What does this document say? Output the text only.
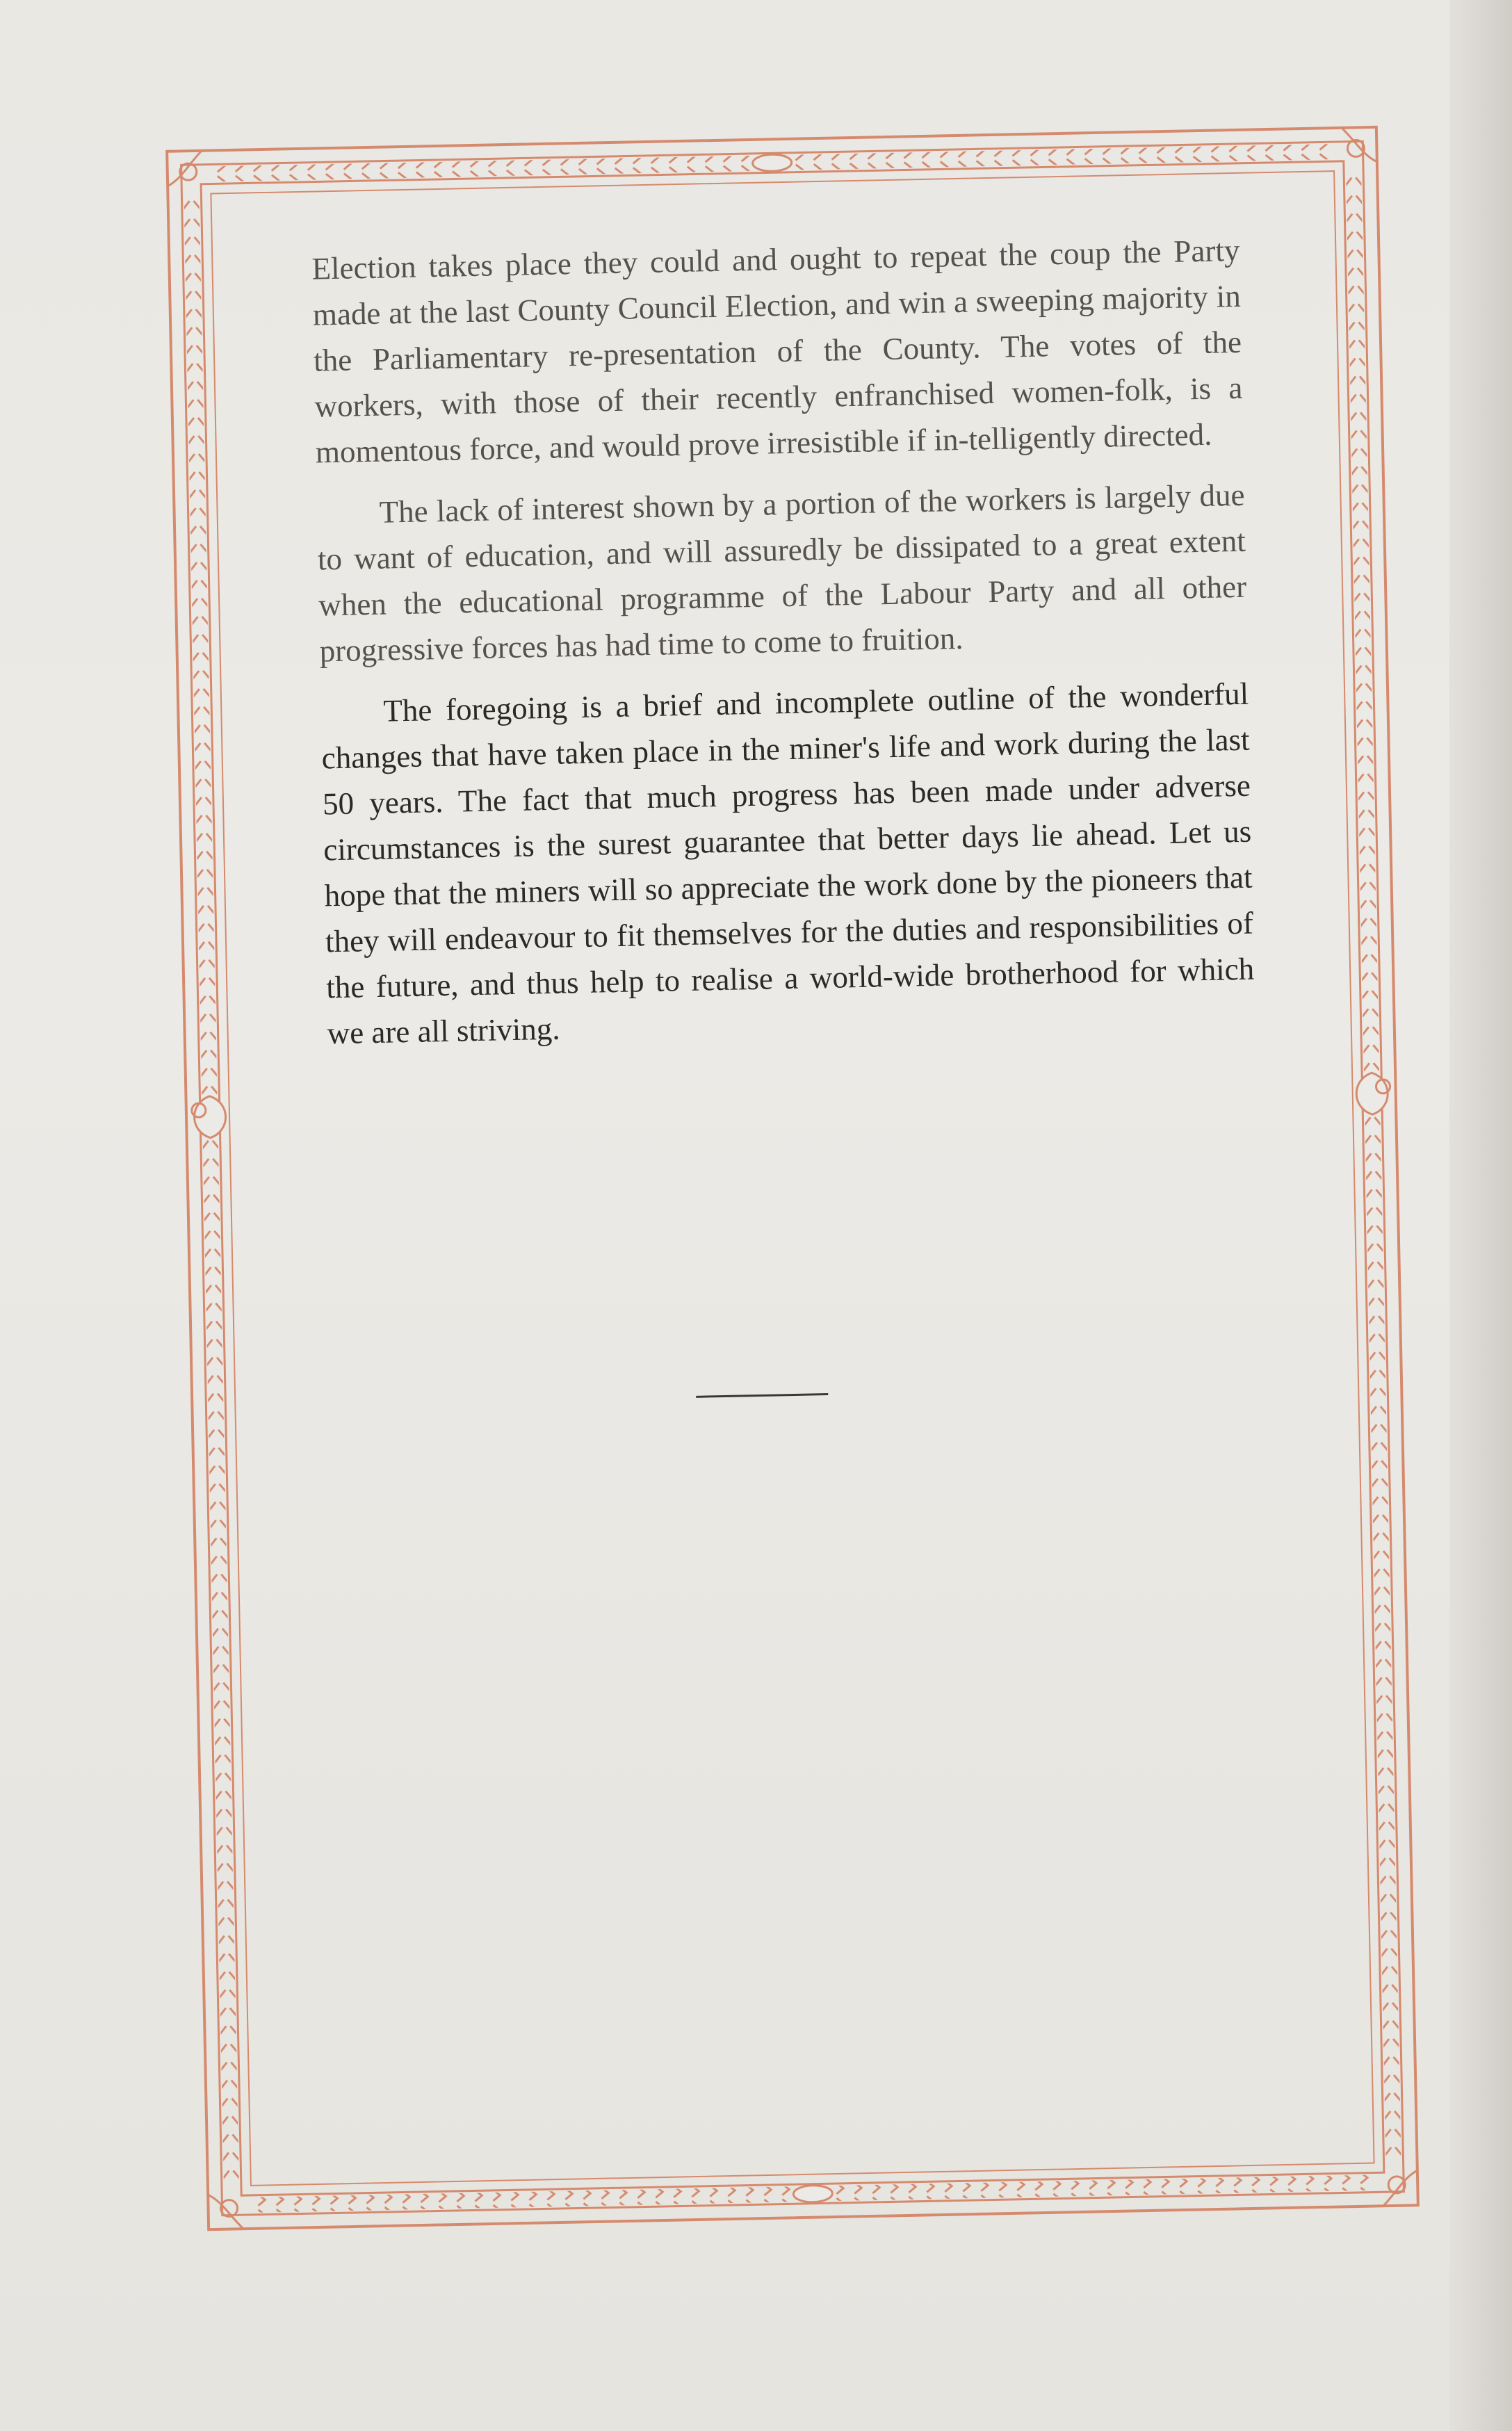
Election takes place they could and ought to repeat the coup the Party made at the last County Council Election, and win a sweeping majority in the Parliamentary re-presentation of the County. The votes of the workers, with those of their recently enfranchised women-folk, is a momentous force, and would prove irresistible if in-telligently directed.

The lack of interest shown by a portion of the workers is largely due to want of education, and will assuredly be dissipated to a great extent when the educational programme of the Labour Party and all other progressive forces has had time to come to fruition.

The foregoing is a brief and incomplete outline of the wonderful changes that have taken place in the miner's life and work during the last 50 years. The fact that much progress has been made under adverse circumstances is the surest guarantee that better days lie ahead. Let us hope that the miners will so appreciate the work done by the pioneers that they will endeavour to fit themselves for the duties and responsibilities of the future, and thus help to realise a world-wide brotherhood for which we are all striving.
